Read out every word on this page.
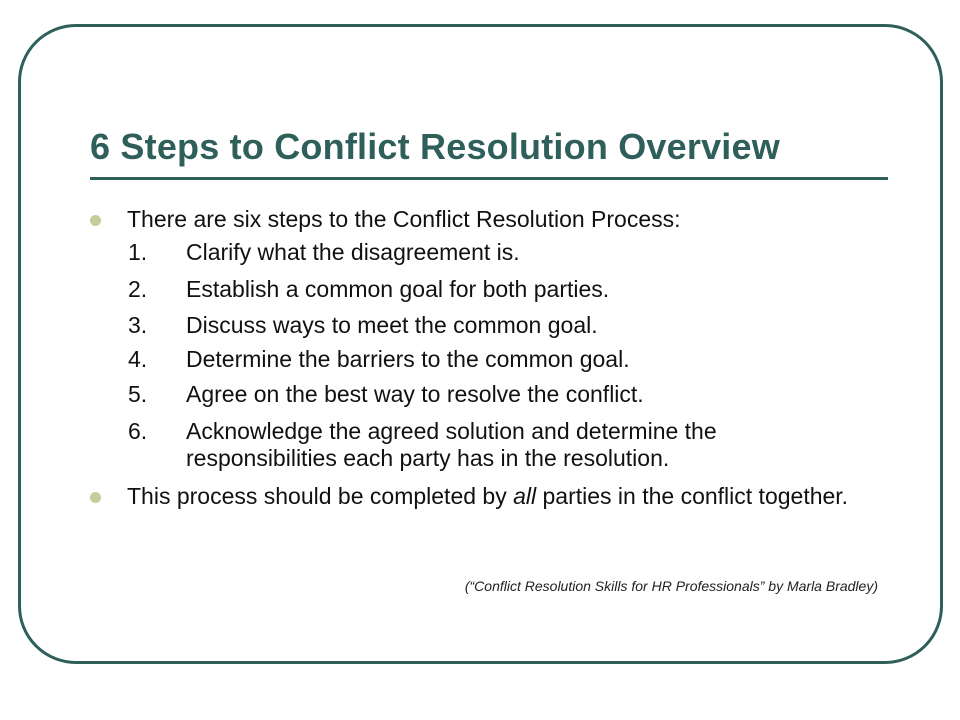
6 Steps to Conflict Resolution Overview
There are six steps to the Conflict Resolution Process:
1.	Clarify what the disagreement is.
2.	Establish a common goal for both parties.
3.	Discuss ways to meet the common goal.
4.	Determine the barriers to the common goal.
5.	Agree on the best way to resolve the conflict.
6.	Acknowledge the agreed solution and determine the responsibilities each party has in the resolution.
This process should be completed by all parties in the conflict together.
(“Conflict Resolution Skills for HR Professionals” by Marla Bradley)
